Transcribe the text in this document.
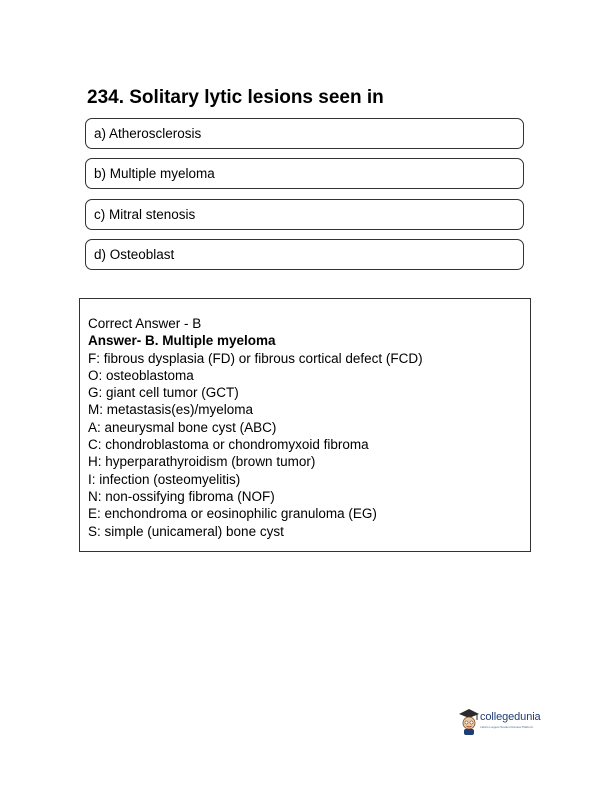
234. Solitary lytic lesions seen in
a) Atherosclerosis
b) Multiple myeloma
c) Mitral stenosis
d) Osteoblast
Correct Answer - B
Answer- B. Multiple myeloma
F: fibrous dysplasia (FD) or fibrous cortical defect (FCD)
O: osteoblastoma
G: giant cell tumor (GCT)
M: metastasis(es)/myeloma
A: aneurysmal bone cyst (ABC)
C: chondroblastoma or chondromyxoid fibroma
H: hyperparathyroidism (brown tumor)
I: infection (osteomyelitis)
N: non-ossifying fibroma (NOF)
E: enchondroma or eosinophilic granuloma (EG)
S: simple (unicameral) bone cyst
collegedunia
India's Largest Student Review Platform
